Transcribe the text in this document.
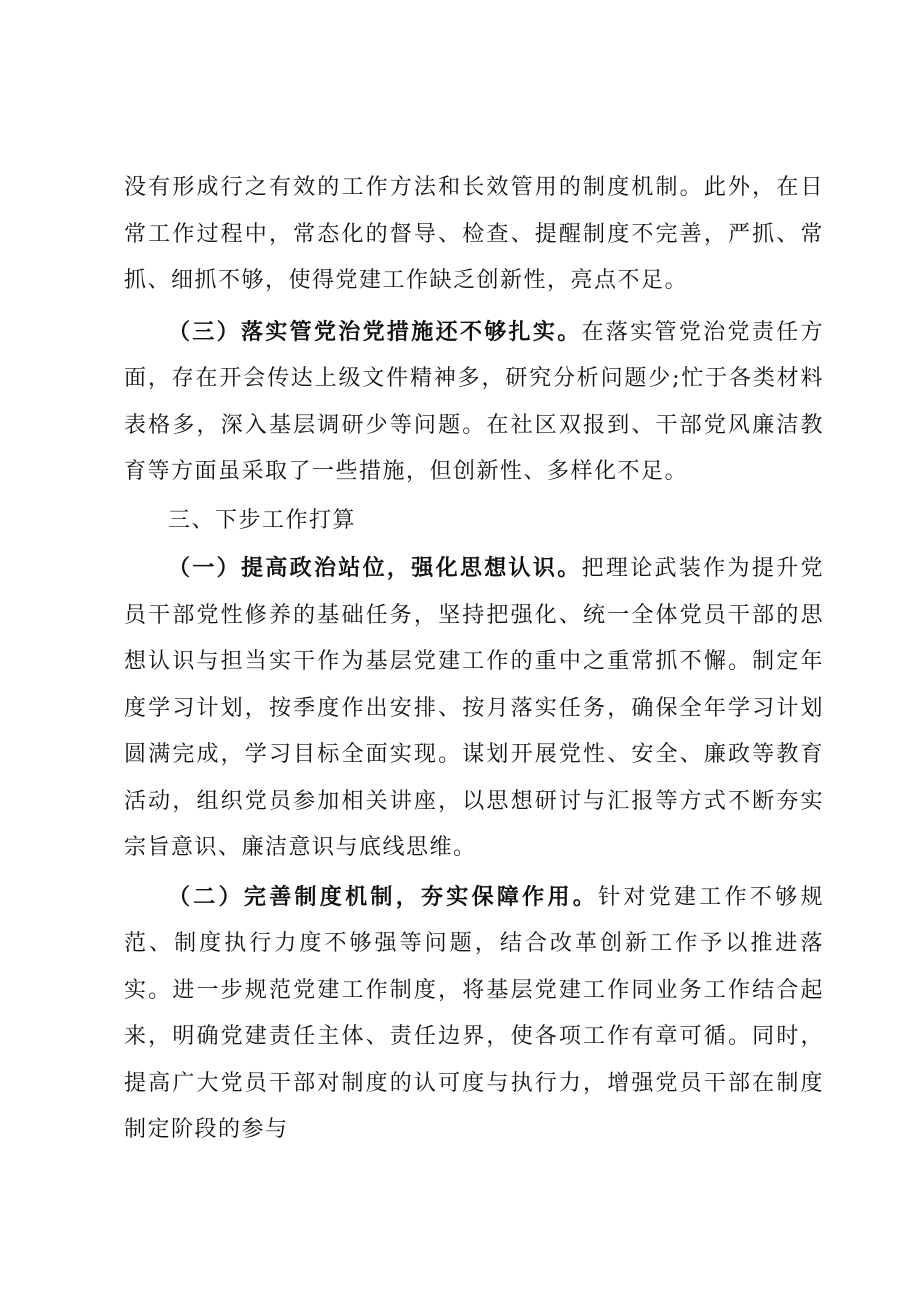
没有形成行之有效的工作方法和长效管用的制度机制。此外，在日常工作过程中，常态化的督导、检查、提醒制度不完善，严抓、常抓、细抓不够，使得党建工作缺乏创新性，亮点不足。

（三）落实管党治党措施还不够扎实。在落实管党治党责任方面，存在开会传达上级文件精神多，研究分析问题少;忙于各类材料表格多，深入基层调研少等问题。在社区双报到、干部党风廉洁教育等方面虽采取了一些措施，但创新性、多样化不足。

三、下步工作打算

（一）提高政治站位，强化思想认识。把理论武装作为提升党员干部党性修养的基础任务，坚持把强化、统一全体党员干部的思想认识与担当实干作为基层党建工作的重中之重常抓不懈。制定年度学习计划，按季度作出安排、按月落实任务，确保全年学习计划圆满完成，学习目标全面实现。谋划开展党性、安全、廉政等教育活动，组织党员参加相关讲座，以思想研讨与汇报等方式不断夯实宗旨意识、廉洁意识与底线思维。

（二）完善制度机制，夯实保障作用。针对党建工作不够规范、制度执行力度不够强等问题，结合改革创新工作予以推进落实。进一步规范党建工作制度，将基层党建工作同业务工作结合起来，明确党建责任主体、责任边界，使各项工作有章可循。同时，提高广大党员干部对制度的认可度与执行力，增强党员干部在制度制定阶段的参与
